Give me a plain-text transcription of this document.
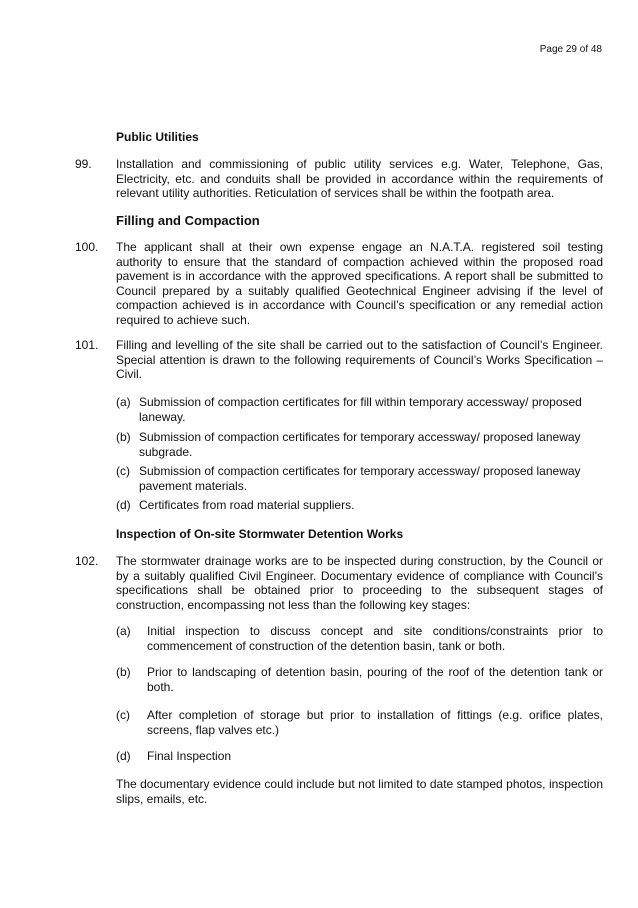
Page 29 of 48
Public Utilities
99. Installation and commissioning of public utility services e.g. Water, Telephone, Gas, Electricity, etc. and conduits shall be provided in accordance within the requirements of relevant utility authorities. Reticulation of services shall be within the footpath area.

Filling and Compaction
100. The applicant shall at their own expense engage an N.A.T.A. registered soil testing authority to ensure that the standard of compaction achieved within the proposed road pavement is in accordance with the approved specifications. A report shall be submitted to Council prepared by a suitably qualified Geotechnical Engineer advising if the level of compaction achieved is in accordance with Council’s specification or any remedial action required to achieve such.

101. Filling and levelling of the site shall be carried out to the satisfaction of Council’s Engineer. Special attention is drawn to the following requirements of Council’s Works Specification – Civil.

(a) Submission of compaction certificates for fill within temporary accessway/ proposed laneway.

(b) Submission of compaction certificates for temporary accessway/ proposed laneway subgrade.

(c) Submission of compaction certificates for temporary accessway/ proposed laneway pavement materials.

(d) Certificates from road material suppliers.

Inspection of On-site Stormwater Detention Works
102. The stormwater drainage works are to be inspected during construction, by the Council or by a suitably qualified Civil Engineer. Documentary evidence of compliance with Council’s specifications shall be obtained prior to proceeding to the subsequent stages of construction, encompassing not less than the following key stages:

(a) Initial inspection to discuss concept and site conditions/constraints prior to commencement of construction of the detention basin, tank or both.

(b) Prior to landscaping of detention basin, pouring of the roof of the detention tank or both.

(c) After completion of storage but prior to installation of fittings (e.g. orifice plates, screens, flap valves etc.)

(d) Final Inspection

The documentary evidence could include but not limited to date stamped photos, inspection slips, emails, etc.
